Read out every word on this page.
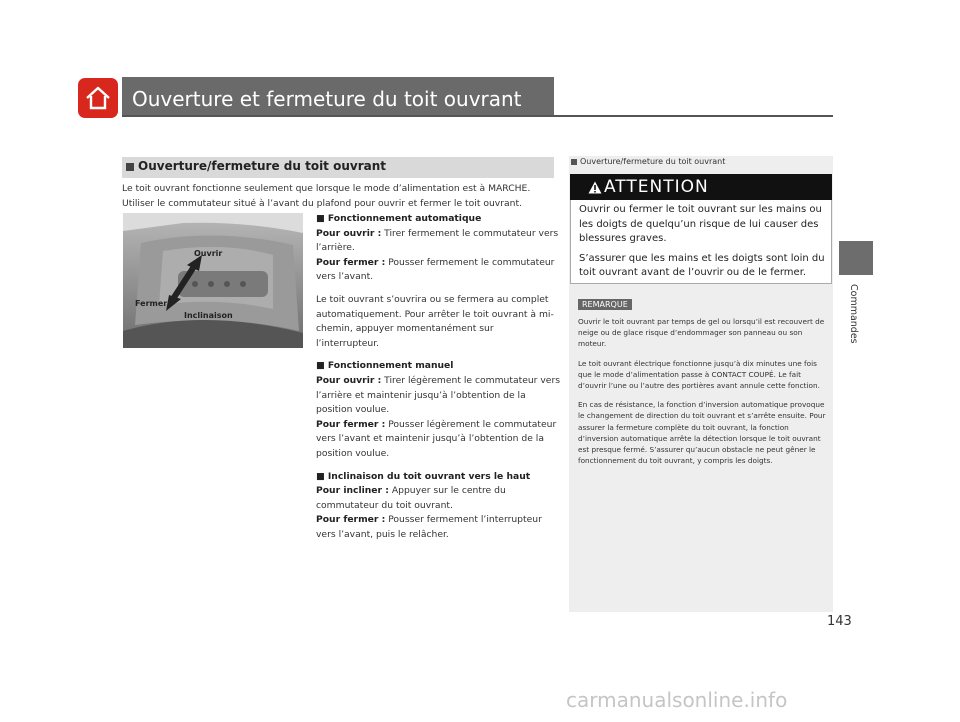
Ouverture et fermeture du toit ouvrant
Commandes
Ouverture/fermeture du toit ouvrant
Le toit ouvrant fonctionne seulement que lorsque le mode d’alimentation est à MARCHE.
Utiliser le commutateur situé à l’avant du plafond pour ouvrir et fermer le toit ouvrant.
Ouvrir
Fermer
Inclinaison
■ Fonctionnement automatique
Pour ouvrir : Tirer fermement le commutateur vers
l’arrière.
Pour fermer : Pousser fermement le commutateur
vers l’avant.
Le toit ouvrant s’ouvrira ou se fermera au complet
automatiquement. Pour arrêter le toit ouvrant à mi-
chemin, appuyer momentanément sur
l’interrupteur.
■ Fonctionnement manuel
Pour ouvrir : Tirer légèrement le commutateur vers
l’arrière et maintenir jusqu’à l’obtention de la
position voulue.
Pour fermer : Pousser légèrement le commutateur
vers l’avant et maintenir jusqu’à l’obtention de la
position voulue.
■ Inclinaison du toit ouvrant vers le haut
Pour incliner : Appuyer sur le centre du
commutateur du toit ouvrant.
Pour fermer : Pousser fermement l’interrupteur
vers l’avant, puis le relâcher.
Ouverture/fermeture du toit ouvrant
ATTENTION
Ouvrir ou fermer le toit ouvrant sur les mains ou les doigts de quelqu’un risque de lui causer des blessures graves.
S’assurer que les mains et les doigts sont loin du toit ouvrant avant de l’ouvrir ou de le fermer.
REMARQUE
Ouvrir le toit ouvrant par temps de gel ou lorsqu’il est recouvert de neige ou de glace risque d’endommager son panneau ou son moteur.
Le toit ouvrant électrique fonctionne jusqu’à dix minutes une fois que le mode d’alimentation passe à CONTACT COUPÉ. Le fait d’ouvrir l’une ou l’autre des portières avant annule cette fonction.
En cas de résistance, la fonction d’inversion automatique provoque le changement de direction du toit ouvrant et s’arrête ensuite. Pour assurer la fermeture complète du toit ouvrant, la fonction d’inversion automatique arrête la détection lorsque le toit ouvrant est presque fermé. S’assurer qu’aucun obstacle ne peut gêner le fonctionnement du toit ouvrant, y compris les doigts.
143
carmanualsonline.info
